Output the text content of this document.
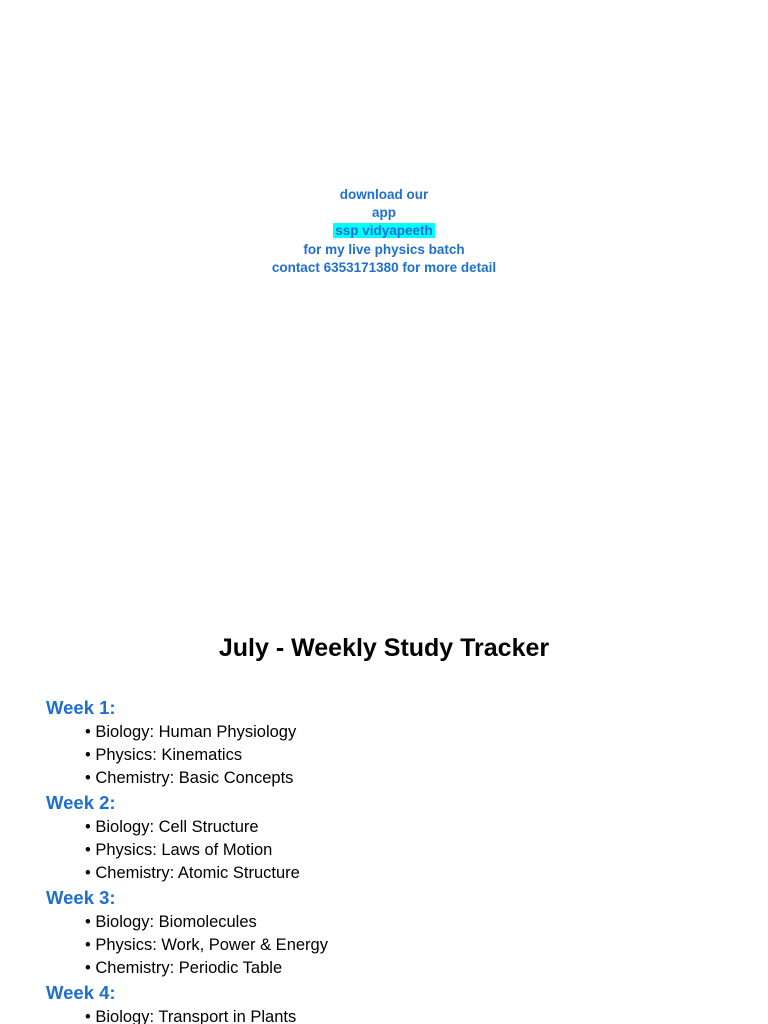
download our
app
ssp vidyapeeth
for my live physics batch
contact 6353171380 for more detail
July - Weekly Study Tracker
Week 1:
• Biology: Human Physiology
• Physics: Kinematics
• Chemistry: Basic Concepts
Week 2:
• Biology: Cell Structure
• Physics: Laws of Motion
• Chemistry: Atomic Structure
Week 3:
• Biology: Biomolecules
• Physics: Work, Power & Energy
• Chemistry: Periodic Table
Week 4:
• Biology: Transport in Plants
